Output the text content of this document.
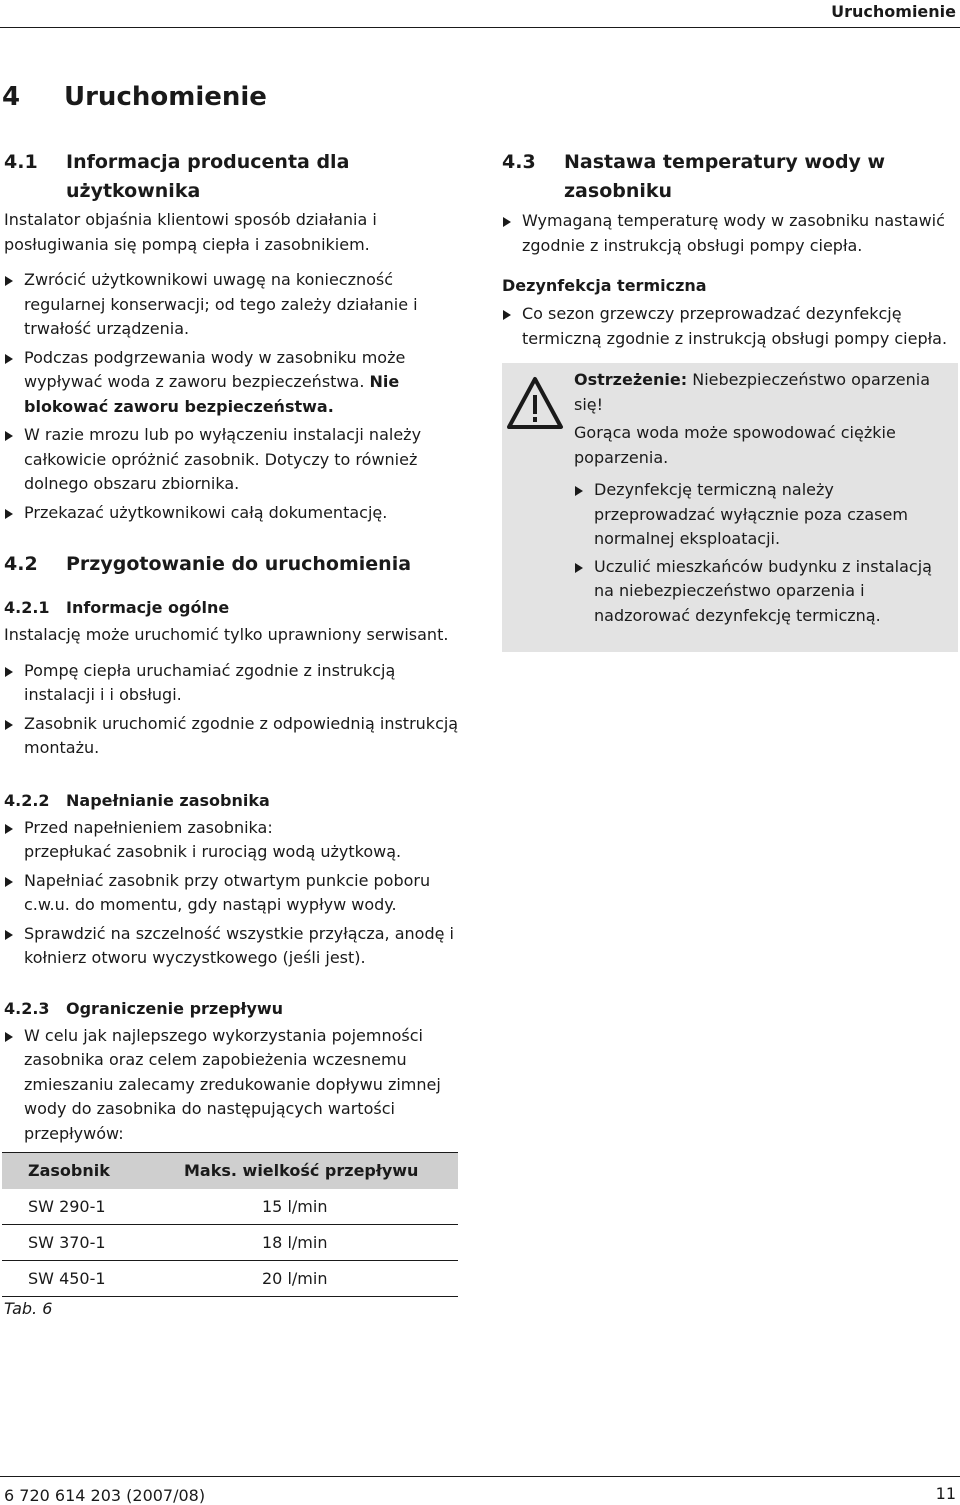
Uruchomienie
4 Uruchomienie
4.1	Informacja producenta dla użytkownika

Instalator objaśnia klientowi sposób działania i posługiwania się pompą ciepła i zasobnikiem.

Zwrócić użytkownikowi uwagę na konieczność regularnej konserwacji; od tego zależy działanie i trwałość urządzenia.
Podczas podgrzewania wody w zasobniku może wypływać woda z zaworu bezpieczeństwa. Nie blokować zaworu bezpieczeństwa.
W razie mrozu lub po wyłączeniu instalacji należy całkowicie opróżnić zasobnik. Dotyczy to również dolnego obszaru zbiornika.
Przekazać użytkownikowi całą dokumentację.
4.2	Przygotowanie do uruchomienia
4.2.1	Informacje ogólne

Instalację może uruchomić tylko uprawniony serwisant.

Pompę ciepła uruchamiać zgodnie z instrukcją instalacji i i obsługi.
Zasobnik uruchomić zgodnie z odpowiednią instrukcją montażu.
4.2.2	Napełnianie zasobnika
Przed napełnieniem zasobnika:
przepłukać zasobnik i rurociąg wodą użytkową.
Napełniać zasobnik przy otwartym punkcie poboru c.w.u. do momentu, gdy nastąpi wypływ wody.
Sprawdzić na szczelność wszystkie przyłącza, anodę i kołnierz otworu wyczystkowego (jeśli jest).
4.2.3	Ograniczenie przepływu
W celu jak najlepszego wykorzystania pojemności zasobnika oraz celem zapobieżenia wczesnemu zmieszaniu zalecamy zredukowanie dopływu zimnej wody do zasobnika do następujących wartości przepływów:
Zasobnik	Maks. wielkość przepływu
SW 290-1	15 l/min
SW 370-1	18 l/min
SW 450-1	20 l/min
Tab. 6
4.3	Nastawa temperatury wody w zasobniku
Wymaganą temperaturę wody w zasobniku nastawić zgodnie z instrukcją obsługi pompy ciepła.
Dezynfekcja termiczna
Co sezon grzewczy przeprowadzać dezynfekcję termiczną zgodnie z instrukcją obsługi pompy ciepła.

Ostrzeżenie: Niebezpieczeństwo oparzenia się!

Gorąca woda może spowodować ciężkie poparzenia.

Dezynfekcję termiczną należy przeprowadzać wyłącznie poza czasem normalnej eksploatacji.
Uczulić mieszkańców budynku z instalacją na niebezpieczeństwo oparzenia i nadzorować dezynfekcję termiczną.
6 720 614 203 (2007/08)	11
